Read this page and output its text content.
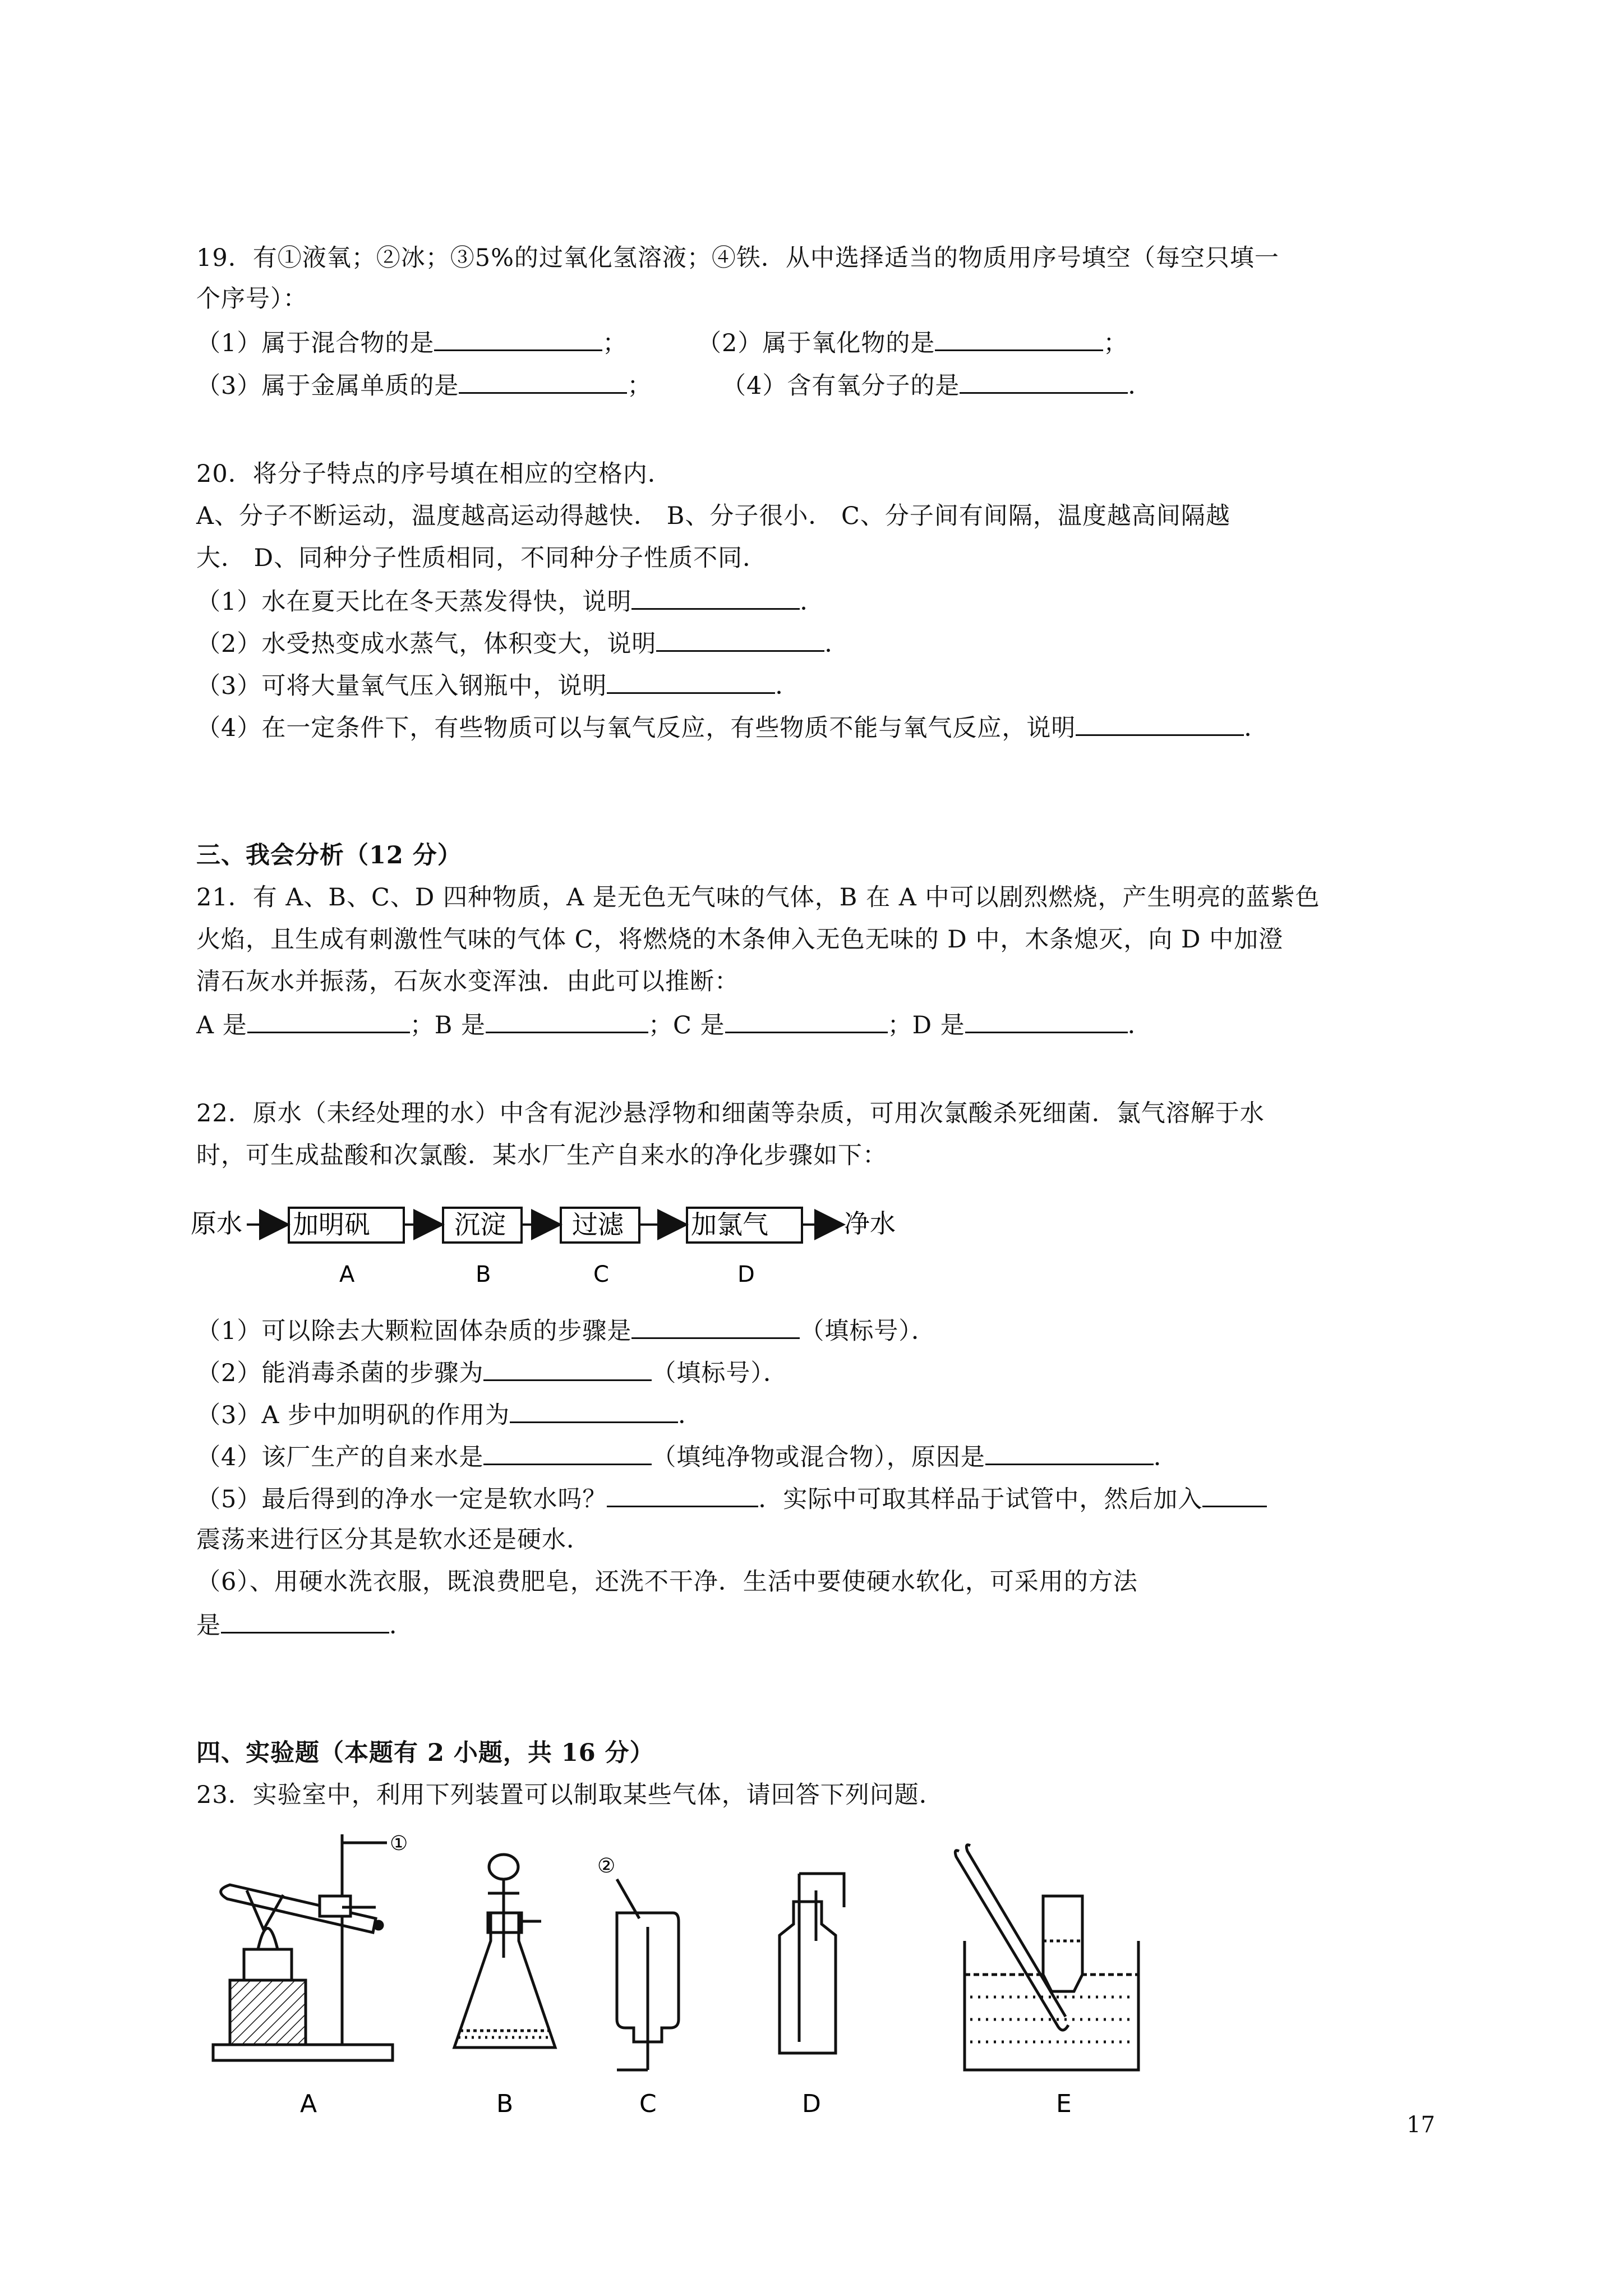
19．有①液氧；②冰；③5%的过氧化氢溶液；④铁．从中选择适当的物质用序号填空（每空只填一
个序号）：
（1）属于混合物的是	；	（2）属于氧化物的是	；
（3）属于金属单质的是	；	（4）含有氧分子的是	．
20．将分子特点的序号填在相应的空格内．
A、分子不断运动，温度越高运动得越快． B、分子很小． C、分子间有间隔，温度越高间隔越
大． D、同种分子性质相同，不同种分子性质不同．
（1）水在夏天比在冬天蒸发得快，说明	．
（2）水受热变成水蒸气，体积变大，说明	．
（3）可将大量氧气压入钢瓶中，说明	．
（4）在一定条件下，有些物质可以与氧气反应，有些物质不能与氧气反应，说明	．
三、我会分析（12 分）
21．有 A、B、C、D 四种物质，A 是无色无气味的气体，B 在 A 中可以剧烈燃烧，产生明亮的蓝紫色
火焰，且生成有刺激性气味的气体 C，将燃烧的木条伸入无色无味的 D 中，木条熄灭，向 D 中加澄
清石灰水并振荡，石灰水变浑浊．由此可以推断：
A 是	；B 是	；C 是	；D 是	．
22．原水（未经处理的水）中含有泥沙悬浮物和细菌等杂质，可用次氯酸杀死细菌．氯气溶解于水
时，可生成盐酸和次氯酸．某水厂生产自来水的净化步骤如下：
原水 加明矾	沉淀	过滤	加氯气	净水
A	B	C	D
（1）可以除去大颗粒固体杂质的步骤是	（填标号）．
（2）能消毒杀菌的步骤为	（填标号）．
（3）A 步中加明矾的作用为	．
（4）该厂生产的自来水是	（填纯净物或混合物），原因是	．
（5）最后得到的净水一定是软水吗？	．实际中可取其样品于试管中，然后加入
震荡来进行区分其是软水还是硬水．
（6）、用硬水洗衣服，既浪费肥皂，还洗不干净．生活中要使硬水软化，可采用的方法
是	．
四、实验题（本题有 2 小题，共 16 分）
23．实验室中，利用下列装置可以制取某些气体，请回答下列问题．
①
②
A	B	C	D	E
17
